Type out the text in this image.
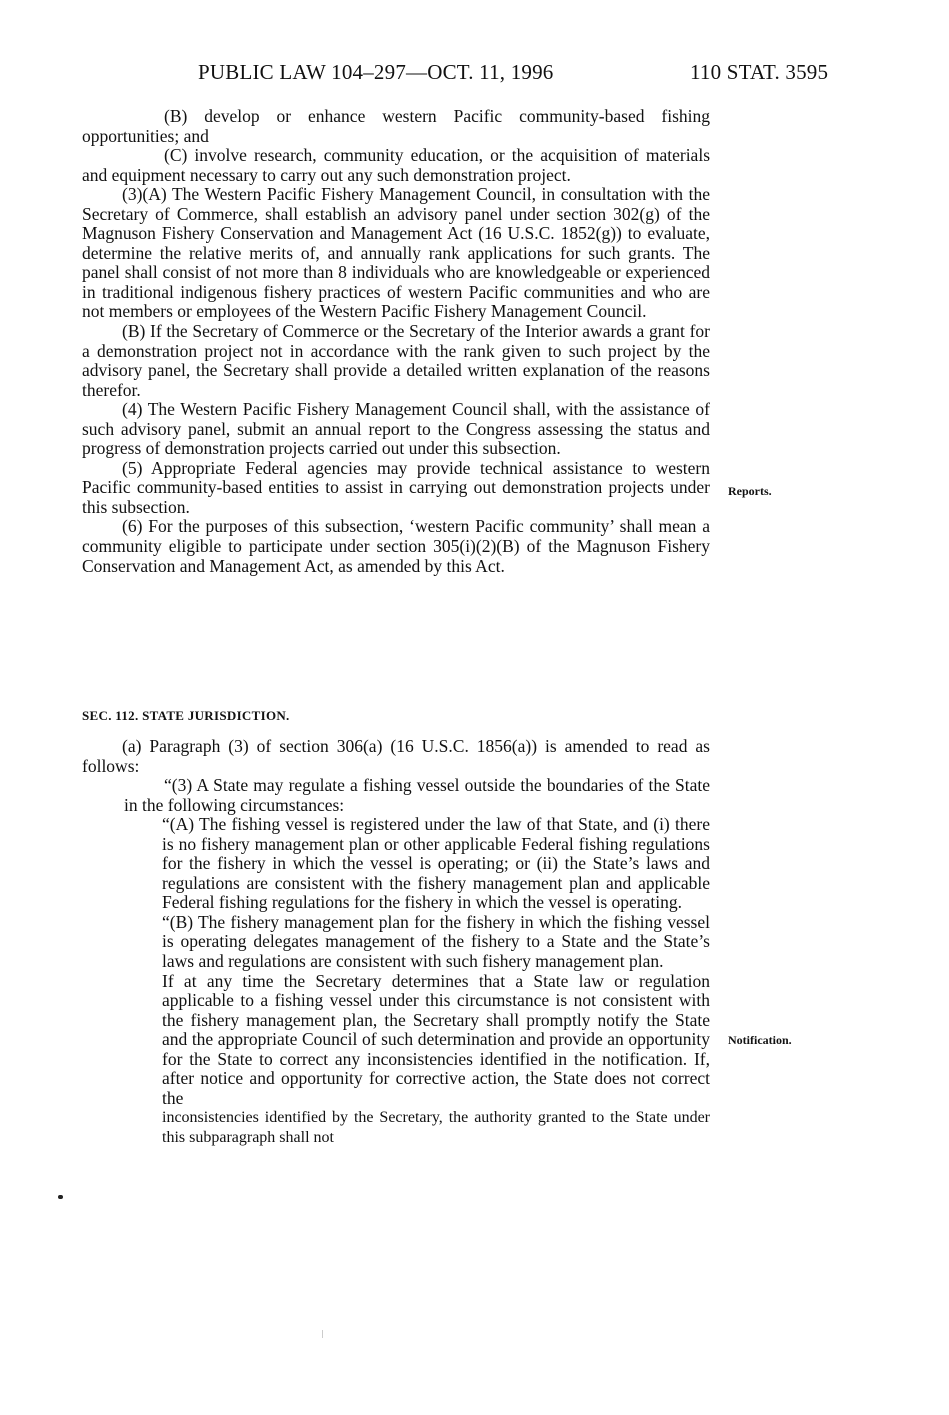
PUBLIC LAW 104–297—OCT. 11, 1996	110 STAT. 3595

(B) develop or enhance western Pacific community-based fishing opportunities; and

(C) involve research, community education, or the acquisition of materials and equipment necessary to carry out any such demonstration project.

(3)(A) The Western Pacific Fishery Management Council, in consultation with the Secretary of Commerce, shall establish an advisory panel under section 302(g) of the Magnuson Fishery Conservation and Management Act (16 U.S.C. 1852(g)) to evaluate, determine the relative merits of, and annually rank applications for such grants. The panel shall consist of not more than 8 individuals who are knowledgeable or experienced in traditional indigenous fishery practices of western Pacific communities and who are not members or employees of the Western Pacific Fishery Management Council.

(B) If the Secretary of Commerce or the Secretary of the Interior awards a grant for a demonstration project not in accordance with the rank given to such project by the advisory panel, the Secretary shall provide a detailed written explanation of the reasons therefor.

(4) The Western Pacific Fishery Management Council shall, with the assistance of such advisory panel, submit an annual report to the Congress assessing the status and progress of demonstration projects carried out under this subsection.

(5) Appropriate Federal agencies may provide technical assistance to western Pacific community-based entities to assist in carrying out demonstration projects under this subsection.

(6) For the purposes of this subsection, ‘western Pacific community’ shall mean a community eligible to participate under section 305(i)(2)(B) of the Magnuson Fishery Conservation and Management Act, as amended by this Act.

SEC. 112. STATE JURISDICTION.

(a) Paragraph (3) of section 306(a) (16 U.S.C. 1856(a)) is amended to read as follows:

“(3) A State may regulate a fishing vessel outside the boundaries of the State in the following circumstances:

“(A) The fishing vessel is registered under the law of that State, and (i) there is no fishery management plan or other applicable Federal fishing regulations for the fishery in which the vessel is operating; or (ii) the State’s laws and regulations are consistent with the fishery management plan and applicable Federal fishing regulations for the fishery in which the vessel is operating.

“(B) The fishery management plan for the fishery in which the fishing vessel is operating delegates management of the fishery to a State and the State’s laws and regulations are consistent with such fishery management plan.

If at any time the Secretary determines that a State law or regulation applicable to a fishing vessel under this circumstance is not consistent with the fishery management plan, the Secretary shall promptly notify the State and the appropriate Council of such determination and provide an opportunity for the State to correct any inconsistencies identified in the notification. If, after notice and opportunity for corrective action, the State does not correct the

inconsistencies identified by the Secretary, the authority granted to the State under this subparagraph shall not

Reports.
Notification.
